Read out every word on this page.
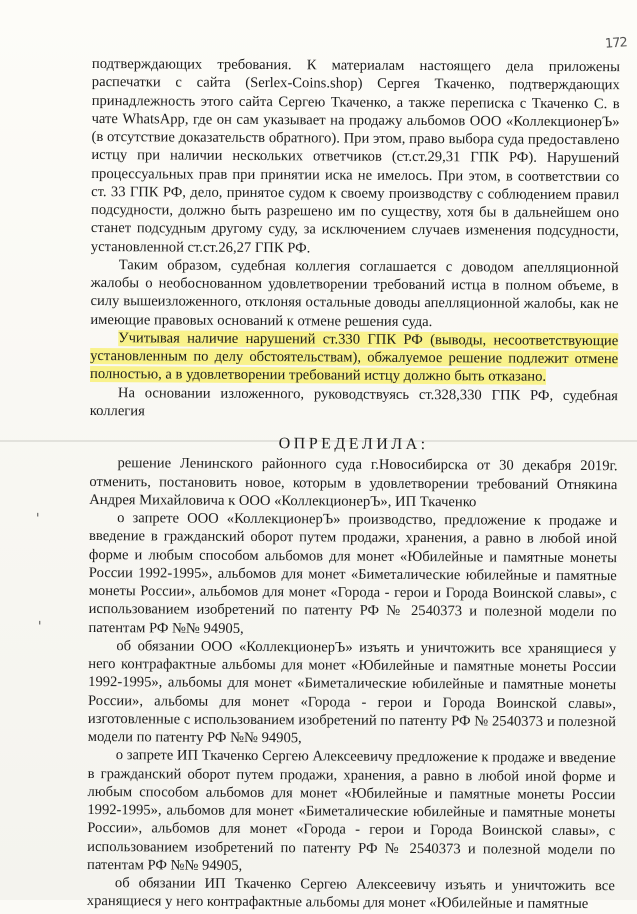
172
ˈ
ˈ

подтверждающих требования. К материалам настоящего дела приложены распечатки с сайта (Serlex-Coins.shop) Сергея Ткаченко, подтверждающих принадлежность этого сайта Сергею Ткаченко, а также переписка с Ткаченко С. в чате WhatsApp, где он сам указывает на продажу альбомов ООО «КоллекционерЪ» (в отсутствие доказательств обратного). При этом, право выбора суда предоставлено истцу при наличии нескольких ответчиков (ст.ст.29,31 ГПК РФ). Нарушений процессуальных прав при принятии иска не имелось. При этом, в соответствии со ст. 33 ГПК РФ, дело, принятое судом к своему производству с соблюдением правил подсудности, должно быть разрешено им по существу, хотя бы в дальнейшем оно станет подсудным другому суду, за исключением случаев изменения подсудности, установленной ст.ст.26,27 ГПК РФ.

Таким образом, судебная коллегия соглашается с доводом апелляционной жалобы о необоснованном удовлетворении требований истца в полном объеме, в силу вышеизложенного, отклоняя остальные доводы апелляционной жалобы, как не имеющие правовых оснований к отмене решения суда.

Учитывая наличие нарушений ст.330 ГПК РФ (выводы, несоответствующие установленным по делу обстоятельствам), обжалуемое решение подлежит отмене полностью, а в удовлетворении требований истцу должно быть отказано.

На основании изложенного, руководствуясь ст.328,330 ГПК РФ, судебная коллегия

ОПРЕДЕЛИЛА:

решение Ленинского районного суда г.Новосибирска от 30 декабря 2019г. отменить, постановить новое, которым в удовлетворении требований Отнякина Андрея Михайловича к ООО «КоллекционерЪ», ИП Ткаченко

о запрете ООО «КоллекционерЪ» производство, предложение к продаже и введение в гражданский оборот путем продажи, хранения, а равно в любой иной форме и любым способом альбомов для монет «Юбилейные и памятные монеты России 1992-1995», альбомов для монет «Биметалические юбилейные и памятные монеты России», альбомов для монет «Города - герои и Города Воинской славы», с использованием изобретений по патенту РФ № 2540373 и полезной модели по патентам РФ №№ 94905,

об обязании ООО «КоллекционерЪ» изъять и уничтожить все хранящиеся у него контрафактные альбомы для монет «Юбилейные и памятные монеты России 1992-1995», альбомы для монет «Биметалические юбилейные и памятные монеты России», альбомы для монет «Города - герои и Города Воинской славы», изготовленные с использованием изобретений по патенту РФ № 2540373 и полезной модели по патенту РФ №№ 94905,

о запрете ИП Ткаченко Сергею Алексеевичу предложение к продаже и введение в гражданский оборот путем продажи, хранения, а равно в любой иной форме и любым способом альбомов для монет «Юбилейные и памятные монеты России 1992-1995», альбомов для монет «Биметалические юбилейные и памятные монеты России», альбомов для монет «Города - герои и Города Воинской славы», с использованием изобретений по патенту РФ № 2540373 и полезной модели по патентам РФ №№ 94905,

об обязании ИП Ткаченко Сергею Алексеевичу изъять и уничтожить все хранящиеся у него контрафактные альбомы для монет «Юбилейные и памятные
